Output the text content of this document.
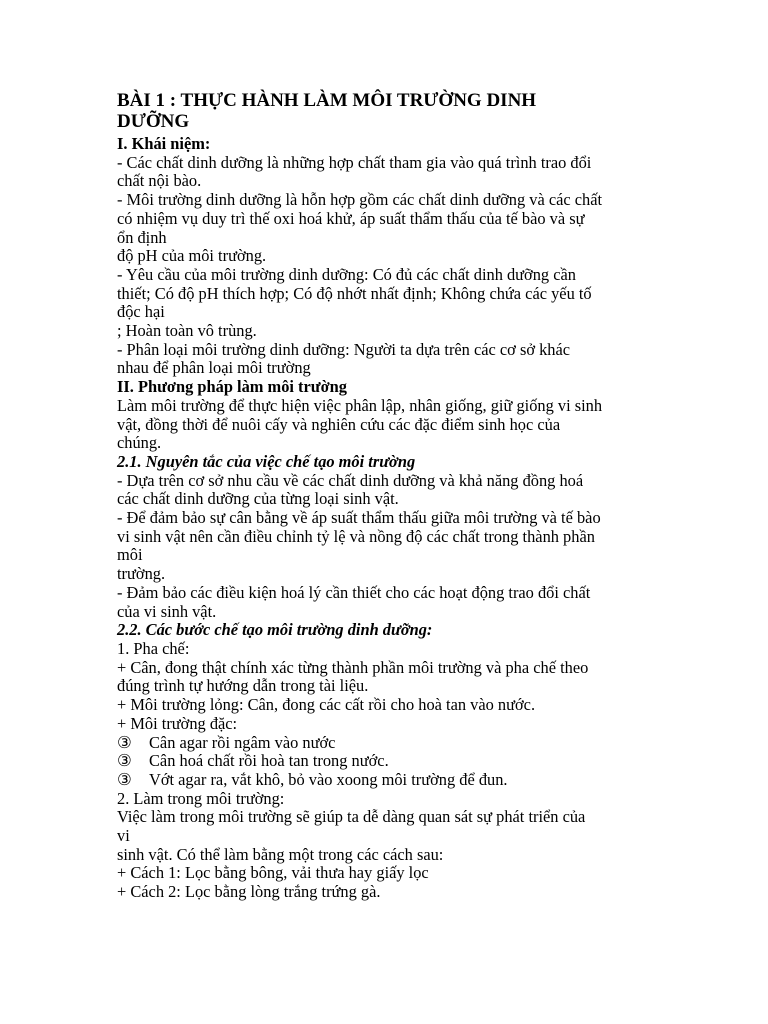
BÀI 1 : THỰC HÀNH LÀM MÔI TRƯỜNG DINH
DƯỠNG
I. Khái niệm:
- Các chất dinh dưỡng là những hợp chất tham gia vào quá trình trao đổi
chất nội bào.
- Môi trường dinh dưỡng là hỗn hợp gồm các chất dinh dưỡng và các chất
có nhiệm vụ duy trì thế oxi hoá khử, áp suất thẩm thấu của tế bào và sự
ổn định
độ pH của môi trường.
- Yêu cầu của môi trường dinh dưỡng: Có đủ các chất dinh dưỡng cần
thiết; Có độ pH thích hợp; Có độ nhớt nhất định; Không chứa các yếu tố
độc hại
; Hoàn toàn vô trùng.
- Phân loại môi trường dinh dưỡng: Người ta dựa trên các cơ sở khác
nhau để phân loại môi trường
II. Phương pháp làm môi trường
Làm môi trường để thực hiện việc phân lập, nhân giống, giữ giống vi sinh
vật, đồng thời để nuôi cấy và nghiên cứu các đặc điểm sinh học của
chúng.
2.1. Nguyên tắc của việc chế tạo môi trường
- Dựa trên cơ sở nhu cầu về các chất dinh dưỡng và khả năng đồng hoá
các chất dinh dưỡng của từng loại sinh vật.
- Để đảm bảo sự cân bằng về áp suất thẩm thấu giữa môi trường và tế bào
vi sinh vật nên cần điều chỉnh tỷ lệ và nồng độ các chất trong thành phần
môi
trường.
- Đảm bảo các điều kiện hoá lý cần thiết cho các hoạt động trao đổi chất
của vi sinh vật.
2.2. Các bước chế tạo môi trường dinh dưỡng:
1. Pha chế:
+ Cân, đong thật chính xác từng thành phần môi trường và pha chế theo
đúng trình tự hướng dẫn trong tài liệu.
+ Môi trường lỏng: Cân, đong các cất rồi cho hoà tan vào nước.
+ Môi trường đặc:
③ Cân agar rồi ngâm vào nước
③ Cân hoá chất rồi hoà tan trong nước.
③ Vớt agar ra, vắt khô, bỏ vào xoong môi trường để đun.
2. Làm trong môi trường:
Việc làm trong môi trường sẽ giúp ta dễ dàng quan sát sự phát triển của
vi
sinh vật. Có thể làm bằng một trong các cách sau:
+ Cách 1: Lọc bằng bông, vải thưa hay giấy lọc
+ Cách 2: Lọc bằng lòng trắng trứng gà.
